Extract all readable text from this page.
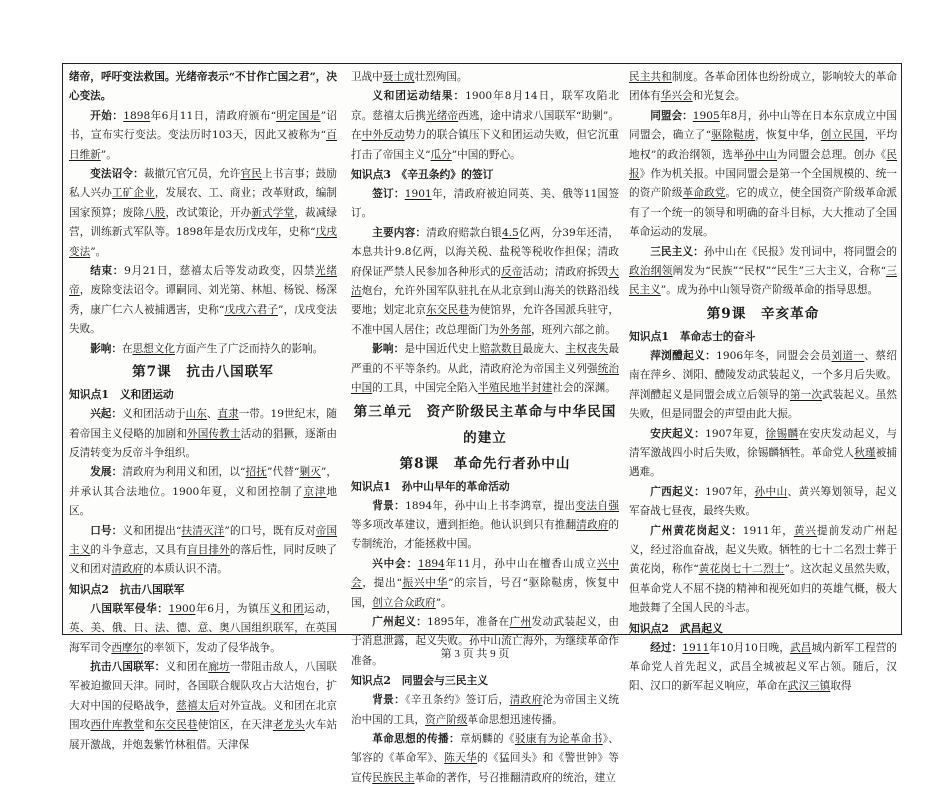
绪帝，呼吁变法救国。光绪帝表示“不甘作亡国之君”，决心变法。
开始：1898年6月11日，清政府颁布“明定国是”诏书，宣布实行变法。变法历时103天，因此又被称为“百日维新”。
变法诏令：裁撤冗官冗员，允许官民上书言事；鼓励私人兴办工矿企业，发展农、工、商业；改革财政，编制国家预算；废除八股，改试策论，开办新式学堂，裁减绿营，训练新式军队等。1898年是农历戊戌年，史称“戊戌变法”。
结束：9月21日，慈禧太后等发动政变，囚禁光绪帝，废除变法诏令。谭嗣同、刘光第、林旭、杨锐、杨深秀，康广仁六人被捕遇害，史称“戊戌六君子”，戊戌变法失败。
影响：在思想文化方面产生了广泛而持久的影响。
第7课　抗击八国联军
知识点1　义和团运动
兴起：义和团活动于山东、直隶一带。19世纪末，随着帝国主义侵略的加剧和外国传教士活动的猖獗，逐渐由反清转变为反帝斗争组织。
发展：清政府为利用义和团，以“招抚”代替“剿灭”，并承认其合法地位。1900年夏，义和团控制了京津地区。
口号：义和团提出“扶清灭洋”的口号，既有反对帝国主义的斗争意志，又具有盲目排外的落后性，同时反映了义和团对清政府的本质认识不清。
知识点2　抗击八国联军
八国联军侵华：1900年6月，为镇压义和团运动，英、美、俄、日、法、德、意、奥八国组织联军，在英国海军司令西摩尔的率领下，发动了侵华战争。
抗击八国联军：义和团在廊坊一带阻击敌人，八国联军被迫撤回天津。同时，各国联合舰队攻占大沽炮台，扩大对中国的侵略战争，慈禧太后对外宣战。义和团在北京围攻西什库教堂和东交民巷使馆区，在天津老龙头火车站展开激战，并炮轰紫竹林租借。天津保
卫战中聂士成壮烈殉国。
义和团运动结果：1900年8月14日，联军攻陷北京。慈禧太后携光绪帝西逃，途中请求八国联军“助剿”。在中外反动势力的联合镇压下义和团运动失败，但它沉重打击了帝国主义“瓜分”中国的野心。
知识点3　《辛丑条约》的签订
签订：1901年，清政府被迫同英、美、俄等11国签订。
主要内容：清政府赔款白银4.5亿两，分39年还清，本息共计9.8亿两，以海关税、盐税等税收作担保；清政府保证严禁人民参加各种形式的反帝活动；清政府拆毁大沽炮台，允许外国军队驻扎在从北京到山海关的铁路沿线要地；划定北京东交民巷为使馆界，允许各国派兵驻守，不准中国人居住；改总理衙门为外务部，班列六部之前。
影响：是中国近代史上赔款数目最庞大、主权丧失最严重的不平等条约。从此，清政府沦为帝国主义列强统治中国的工具，中国完全陷入半殖民地半封建社会的深渊。
第三单元　资产阶级民主革命与中华民国的建立
第8课　革命先行者孙中山
知识点1　孙中山早年的革命活动
背景：1894年，孙中山上书李鸿章，提出变法自强等多项改革建议，遭到拒绝。他认识到只有推翻清政府的专制统治，才能拯救中国。
兴中会：1894年11月，孙中山在檀香山成立兴中会，提出“振兴中华”的宗旨，号召“驱除鞑虏，恢复中国，创立合众政府”。
广州起义：1895年，准备在广州发动武装起义，由于消息泄露，起义失败。孙中山流亡海外，为继续革命作准备。
知识点2　同盟会与三民主义
背景：《辛丑条约》签订后，清政府沦为帝国主义统治中国的工具，资产阶级革命思想迅速传播。
革命思想的传播：章炳麟的《驳康有为论革命书》、邹容的《革命军》、陈天华的《猛回头》和《警世钟》等宣传民族民主革命的著作，号召推翻清政府的统治，建立
民主共和制度。各革命团体也纷纷成立，影响较大的革命团体有华兴会和光复会。
同盟会：1905年8月，孙中山等在日本东京成立中国同盟会，确立了“驱除鞑虏，恢复中华，创立民国，平均地权”的政治纲领，选举孙中山为同盟会总理。创办《民报》作为机关报。中国同盟会是第一个全国规模的、统一的资产阶级革命政党。它的成立，使全国资产阶级革命派有了一个统一的领导和明确的奋斗目标，大大推动了全国革命运动的发展。
三民主义：孙中山在《民报》发刊词中，将同盟会的政治纲领阐发为“民族”“民权”“民生”三大主义，合称“三民主义”。成为孙中山领导资产阶级革命的指导思想。
第9课　辛亥革命
知识点1　革命志士的奋斗
萍浏醴起义：1906年冬，同盟会会员刘道一、蔡绍南在萍乡、浏阳、醴陵发动武装起义，一个多月后失败。萍浏醴起义是同盟会成立后领导的第一次武装起义。虽然失败，但是同盟会的声望由此大振。
安庆起义：1907年夏，徐锡麟在安庆发动起义，与清军激战四小时后失败，徐锡麟牺牲。革命党人秋瑾被捕遇难。
广西起义：1907年，孙中山、黄兴筹划领导，起义军奋战七昼夜，最终失败。
广州黄花岗起义：1911年，黄兴提前发动广州起义，经过浴血奋战，起义失败。牺牲的七十二名烈士葬于黄花岗，称作“黄花岗七十二烈士”。这次起义虽然失败，但革命党人不屈不挠的精神和视死如归的英雄气概，极大地鼓舞了全国人民的斗志。
知识点2　武昌起义
经过：1911年10月10日晚，武昌城内新军工程营的革命党人首先起义，武昌全城被起义军占领。随后，汉阳、汉口的新军起义响应，革命在武汉三镇取得
第 3 页 共 9 页
